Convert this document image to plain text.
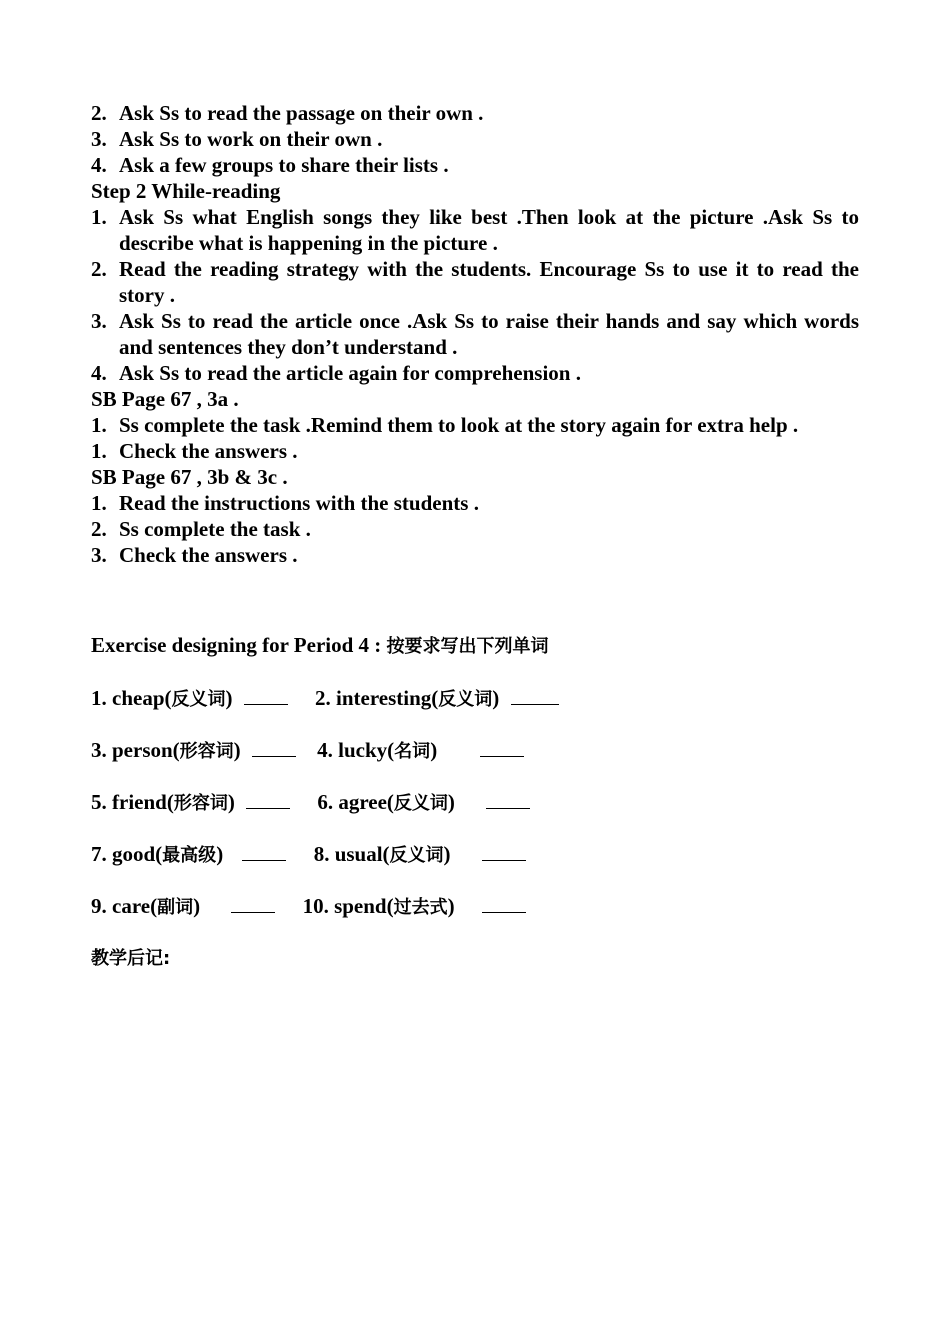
2. Ask Ss to read the passage on their own .
3. Ask Ss to work on their own .
4. Ask a few groups to share their lists .
Step 2 While-reading
1. Ask Ss what English songs they like best .Then look at the picture .Ask Ss to describe what is happening in the picture .
2. Read the reading strategy with the students. Encourage Ss to use it to read the story .
3. Ask Ss to read the article once .Ask Ss to raise their hands and say which words and sentences they don’t understand .
4. Ask Ss to read the article again for comprehension .
SB Page 67 , 3a .
1. Ss complete the task .Remind them to look at the story again for extra help .
1. Check the answers .
SB Page 67 , 3b & 3c .
1. Read the instructions with the students .
2. Ss complete the task .
3. Check the answers .
Exercise designing for Period 4 : 按要求写出下列单词
1. cheap(反义词)	2. interesting(反义词)
3. person(形容词)	4. lucky(名词)
5. friend(形容词)	6. agree(反义词)
7. good(最高级)	8. usual(反义词)
9. care(副词)	10. spend(过去式)
教学后记:
